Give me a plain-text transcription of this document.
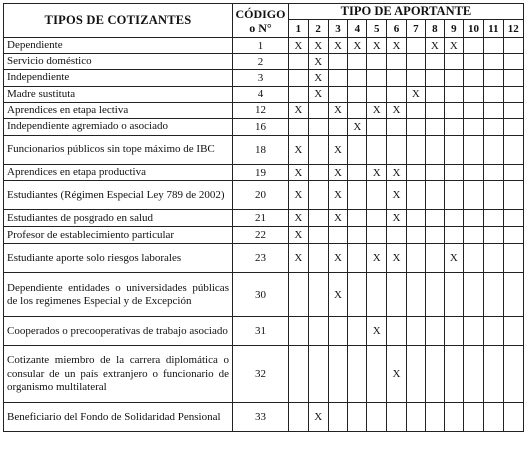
TIPOS DE COTIZANTES	CÓDIGO
o N°	TIPO DE APORTANTE											
		1	2	3	4	5	6	7	8	9	10	11	12
Dependiente	1	X	X	X	X	X	X		X	X			
Servicio doméstico	2		X										
Independiente	3		X										
Madre sustituta	4		X					X					
Aprendices en etapa lectiva	12	X		X		X	X						
Independiente agremiado o asociado	16				X								
Funcionarios públicos sin tope máximo de IBC	18	X		X									
Aprendices en etapa productiva	19	X		X		X	X						
Estudiantes (Régimen Especial Ley 789 de 2002)	20	X		X			X						
Estudiantes de posgrado en salud	21	X		X			X						
Profesor de establecimiento particular	22	X											
Estudiante aporte solo riesgos laborales	23	X		X		X	X			X			
Dependiente entidades o universidades públicas de los regimenes Especial y de Excepción	30			X									
Cooperados o precooperativas de trabajo asociado	31					X							
Cotizante miembro de la carrera diplomática o consular de un país extranjero o funcionario de organismo multilateral	32						X						
Beneficiario del Fondo de Solidaridad Pensional	33		X										
